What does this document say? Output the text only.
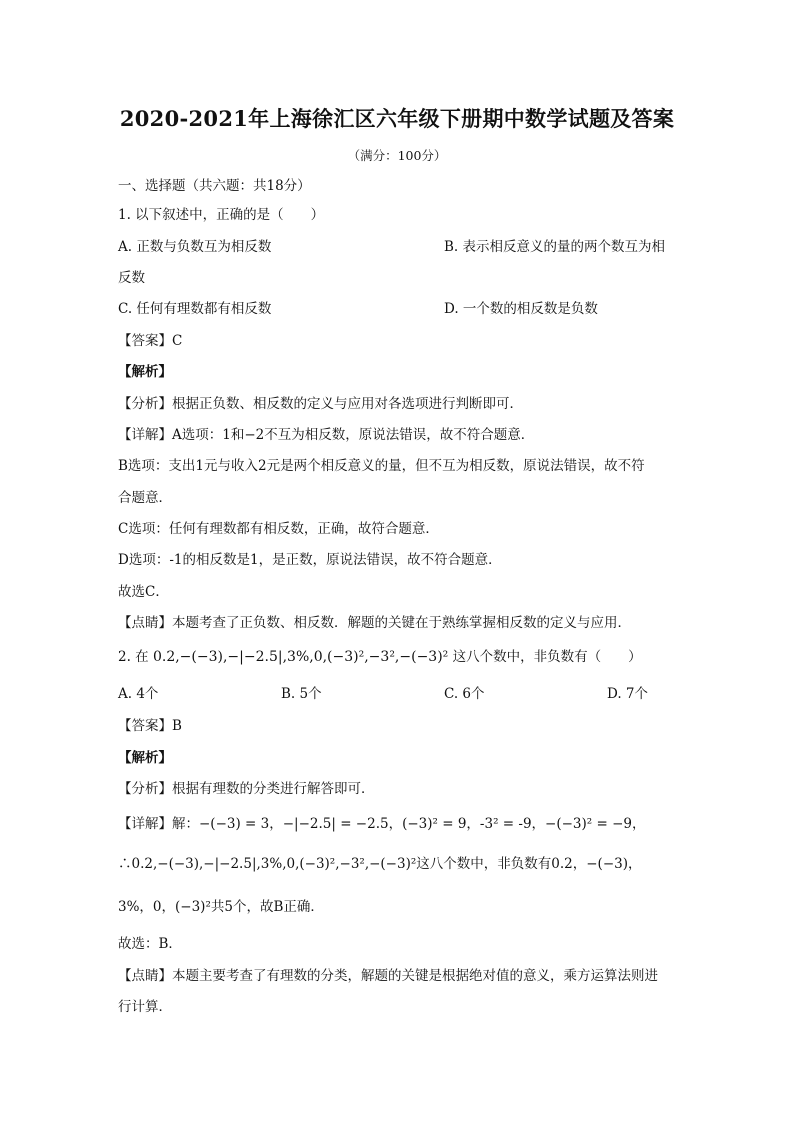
2020-2021年上海徐汇区六年级下册期中数学试题及答案
（满分：100分）
一、选择题（共六题：共18分）
1. 以下叙述中，正确的是（　　）
A. 正数与负数互为相反数	B. 表示相反意义的量的两个数互为相
反数
C. 任何有理数都有相反数	D. 一个数的相反数是负数
【答案】C
【解析】
【分析】根据正负数、相反数的定义与应用对各选项进行判断即可．
【详解】A选项：1和−2不互为相反数，原说法错误，故不符合题意．
B选项：支出1元与收入2元是两个相反意义的量，但不互为相反数，原说法错误，故不符
合题意．
C选项：任何有理数都有相反数，正确，故符合题意．
D选项：-1的相反数是1，是正数，原说法错误，故不符合题意．
故选C．
【点睛】本题考查了正负数、相反数．解题的关键在于熟练掌握相反数的定义与应用．
2. 在 0.2,−(−3),−|−2.5|,3%,0,(−3)²,−3²,−(−3)² 这八个数中，非负数有（　　）
A. 4个	B. 5个	C. 6个	D. 7个
【答案】B
【解析】
【分析】根据有理数的分类进行解答即可．
【详解】解：−(−3) = 3，−|−2.5| = −2.5，(−3)² = 9，-3² = -9，−(−3)² = −9，
∴0.2,−(−3),−|−2.5|,3%,0,(−3)²,−3²,−(−3)²这八个数中，非负数有0.2，−(−3)，
3%，0，(−3)²共5个，故B正确．
故选：B．
【点睛】本题主要考查了有理数的分类，解题的关键是根据绝对值的意义，乘方运算法则进
行计算．
